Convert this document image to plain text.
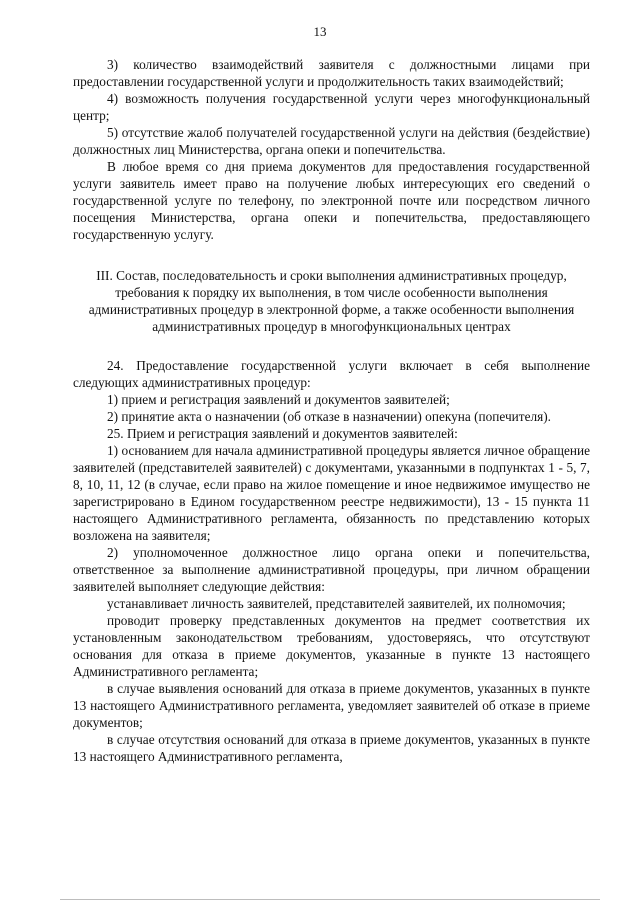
13

3) количество взаимодействий заявителя с должностными лицами при предоставлении государственной услуги и продолжительность таких взаимодействий;

4) возможность получения государственной услуги через многофункциональный центр;

5) отсутствие жалоб получателей государственной услуги на действия (бездействие) должностных лиц Министерства, органа опеки и попечительства.

В любое время со дня приема документов для предоставления государственной услуги заявитель имеет право на получение любых интересующих его сведений о государственной услуге по телефону, по электронной почте или посредством личного посещения Министерства, органа опеки и попечительства, предоставляющего государственную услугу.

III. Состав, последовательность и сроки выполнения административных процедур, требования к порядку их выполнения, в том числе особенности выполнения административных процедур в электронной форме, а также особенности выполнения административных процедур в многофункциональных центрах

24. Предоставление государственной услуги включает в себя выполнение следующих административных процедур:

1) прием и регистрация заявлений и документов заявителей;

2) принятие акта о назначении (об отказе в назначении) опекуна (попечителя).

25. Прием и регистрация заявлений и документов заявителей:

1) основанием для начала административной процедуры является личное обращение заявителей (представителей заявителей) с документами, указанными в подпунктах 1 - 5, 7, 8, 10, 11, 12 (в случае, если право на жилое помещение и иное недвижимое имущество не зарегистрировано в Едином государственном реестре недвижимости), 13 - 15 пункта 11 настоящего Административного регламента, обязанность по представлению которых возложена на заявителя;

2) уполномоченное должностное лицо органа опеки и попечительства, ответственное за выполнение административной процедуры, при личном обращении заявителей выполняет следующие действия:

устанавливает личность заявителей, представителей заявителей, их полномочия;

проводит проверку представленных документов на предмет соответствия их установленным законодательством требованиям, удостоверяясь, что отсутствуют основания для отказа в приеме документов, указанные в пункте 13 настоящего Административного регламента;

в случае выявления оснований для отказа в приеме документов, указанных в пункте 13 настоящего Административного регламента, уведомляет заявителей об отказе в приеме документов;

в случае отсутствия оснований для отказа в приеме документов, указанных в пункте 13 настоящего Административного регламента,
